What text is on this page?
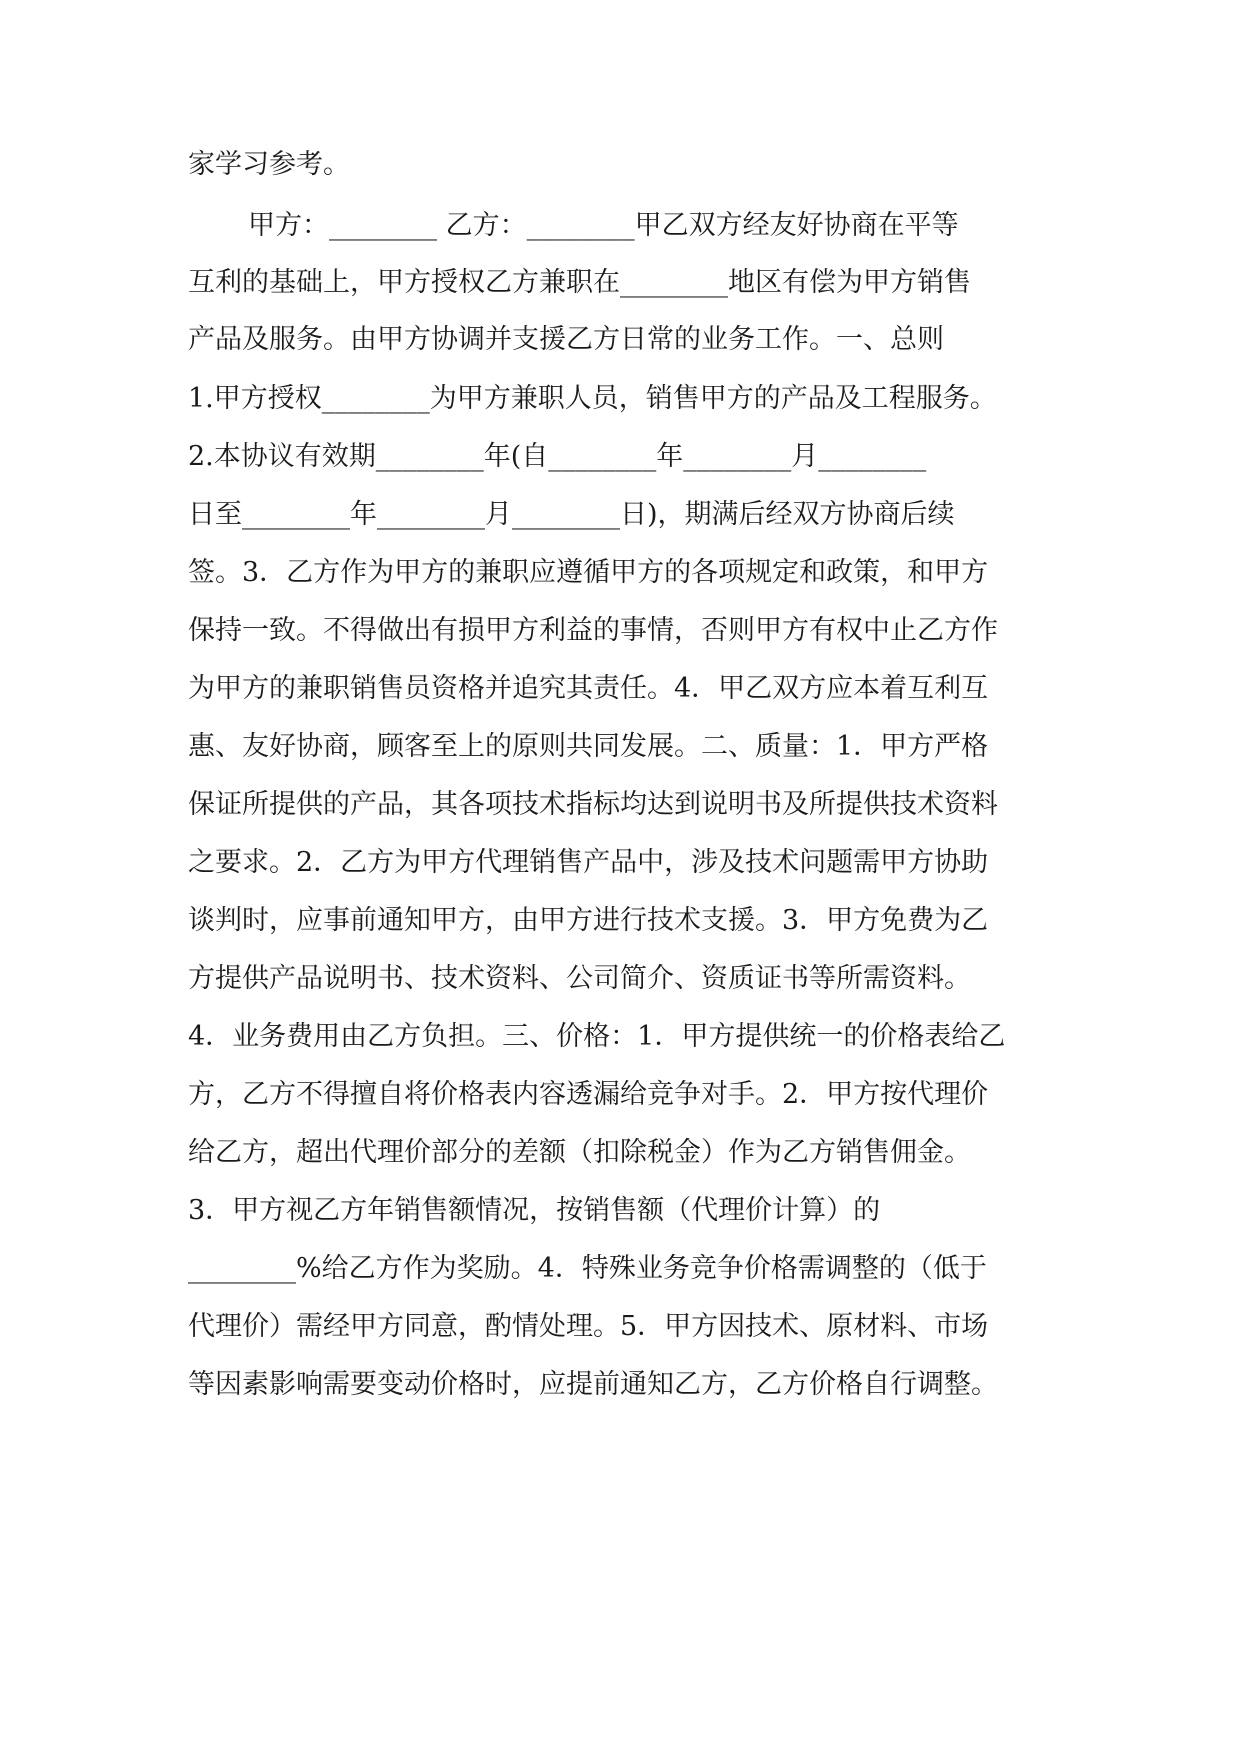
家学习参考。
甲方：________ 乙方：________甲乙双方经友好协商在平等
互利的基础上，甲方授权乙方兼职在________地区有偿为甲方销售
产品及服务。由甲方协调并支援乙方日常的业务工作。一、总则
1.甲方授权________为甲方兼职人员，销售甲方的产品及工程服务。
2.本协议有效期________年(自________年________月________
日至________年________月________日)，期满后经双方协商后续
签。3．乙方作为甲方的兼职应遵循甲方的各项规定和政策，和甲方
保持一致。不得做出有损甲方利益的事情，否则甲方有权中止乙方作
为甲方的兼职销售员资格并追究其责任。4．甲乙双方应本着互利互
惠、友好协商，顾客至上的原则共同发展。二、质量：1．甲方严格
保证所提供的产品，其各项技术指标均达到说明书及所提供技术资料
之要求。2．乙方为甲方代理销售产品中，涉及技术问题需甲方协助
谈判时，应事前通知甲方，由甲方进行技术支援。3．甲方免费为乙
方提供产品说明书、技术资料、公司简介、资质证书等所需资料。
4．业务费用由乙方负担。三、价格：1．甲方提供统一的价格表给乙
方，乙方不得擅自将价格表内容透漏给竞争对手。2．甲方按代理价
给乙方，超出代理价部分的差额（扣除税金）作为乙方销售佣金。
3．甲方视乙方年销售额情况，按销售额（代理价计算）的
________%给乙方作为奖励。4．特殊业务竞争价格需调整的（低于
代理价）需经甲方同意，酌情处理。5．甲方因技术、原材料、市场
等因素影响需要变动价格时，应提前通知乙方，乙方价格自行调整。
